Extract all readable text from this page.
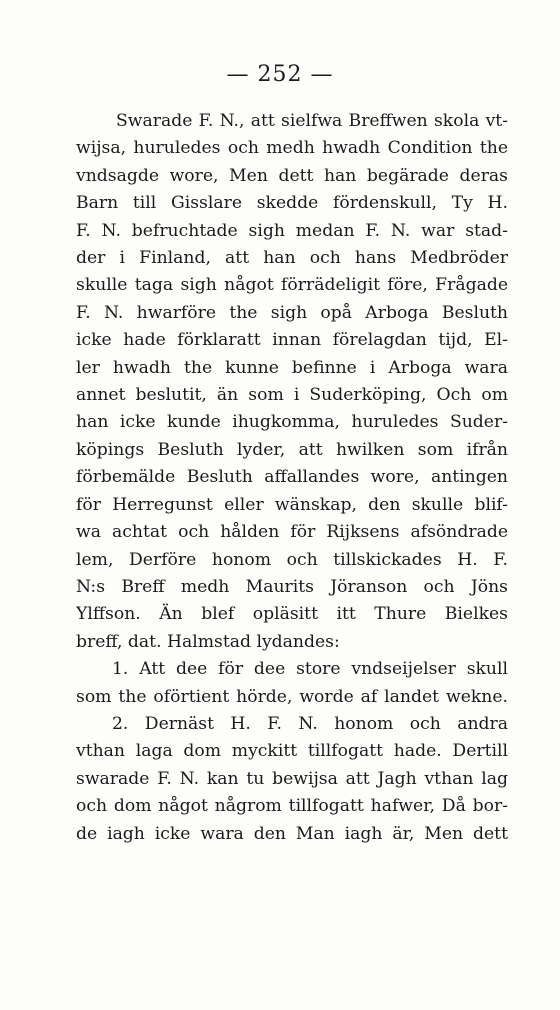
— 252 —
Swarade F. N., att sielfwa Breffwen skola vt-
wijsa, huruledes och medh hwadh Condition the
vndsagde wore, Men dett han begärade deras
Barn till Gisslare skedde fördenskull, Ty H.
F. N. befruchtade sigh medan F. N. war stad-
der i Finland, att han och hans Medbröder
skulle taga sigh något förrädeligit före, Frågade
F. N. hwarföre the sigh opå Arboga Besluth
icke hade förklaratt innan förelagdan tijd, El-
ler hwadh the kunne befinne i Arboga wara
annet beslutit, än som i Suderköping, Och om
han icke kunde ihugkomma, huruledes Suder-
köpings Besluth lyder, att hwilken som ifrån
förbemälde Besluth affallandes wore, antingen
för Herregunst eller wänskap, den skulle blif-
wa achtat och hålden för Rijksens afsöndrade
lem, Derföre honom och tillskickades H. F.
N:s Breff medh Maurits Jöranson och Jöns
Ylffson. Än blef opläsitt itt Thure Bielkes
breff, dat. Halmstad lydandes:
1. Att dee för dee store vndseijelser skull
som the oförtient hörde, worde af landet wekne.
2. Dernäst H. F. N. honom och andra
vthan laga dom myckitt tillfogatt hade. Dertill
swarade F. N. kan tu bewijsa att Jagh vthan lag
och dom något någrom tillfogatt hafwer, Då bor-
de iagh icke wara den Man iagh är, Men dett
